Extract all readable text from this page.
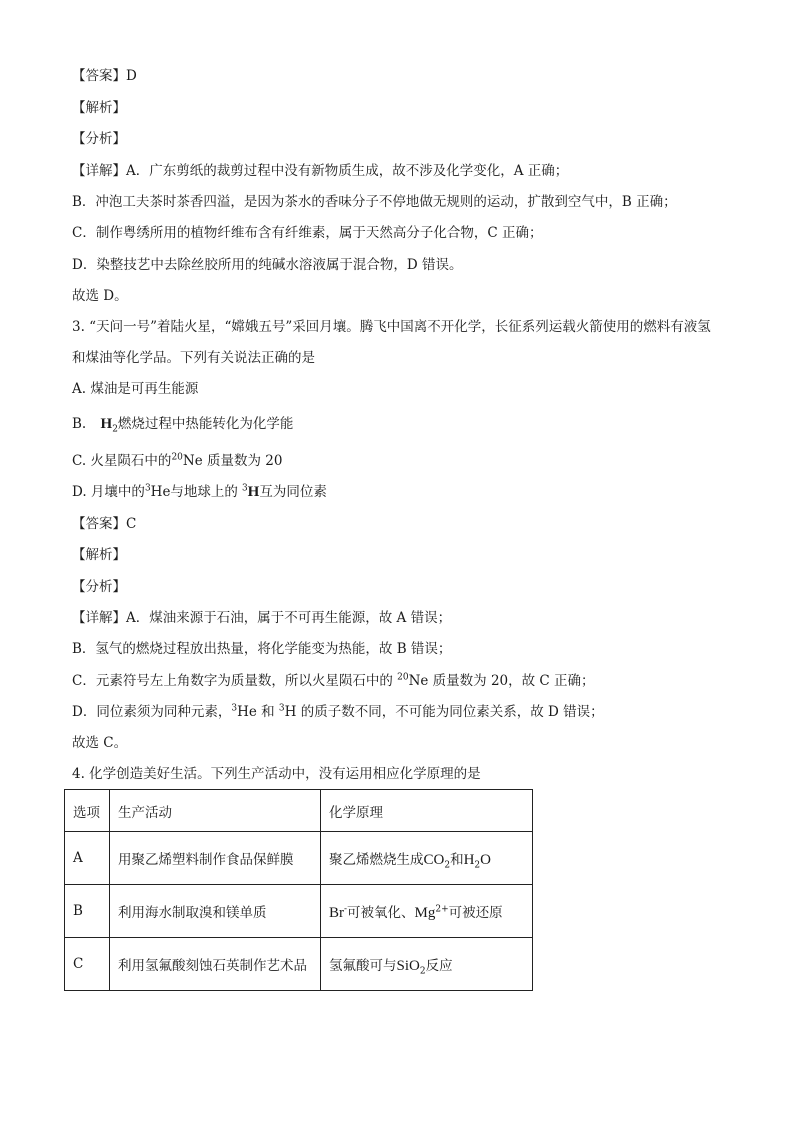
【答案】D
【解析】
【分析】
【详解】A．广东剪纸的裁剪过程中没有新物质生成，故不涉及化学变化，A 正确；
B．冲泡工夫茶时茶香四溢，是因为茶水的香味分子不停地做无规则的运动，扩散到空气中，B 正确；
C．制作粤绣所用的植物纤维布含有纤维素，属于天然高分子化合物，C 正确；
D．染整技艺中去除丝胶所用的纯碱水溶液属于混合物，D 错误。
故选 D。
3. “天问一号”着陆火星，“嫦娥五号”采回月壤。腾飞中国离不开化学，长征系列运载火箭使用的燃料有液氢
和煤油等化学品。下列有关说法正确的是
A. 煤油是可再生能源
B. $H_2$燃烧过程中热能转化为化学能
C. 火星陨石中的$^{20}$Ne 质量数为 20
D. 月壤中的$^3$He与地球上的 $^3$H互为同位素
【答案】C
【解析】
【分析】
【详解】A．煤油来源于石油，属于不可再生能源，故 A 错误；
B．氢气的燃烧过程放出热量，将化学能变为热能，故 B 错误；
C．元素符号左上角数字为质量数，所以火星陨石中的 $^{20}$Ne 质量数为 20，故 C 正确；
D．同位素须为同种元素，$^3$He 和 $^3$H 的质子数不同，不可能为同位素关系，故 D 错误；
故选 C。
4. 化学创造美好生活。下列生产活动中，没有运用相应化学原理的是
选项	生产活动	化学原理
A	用聚乙烯塑料制作食品保鲜膜	聚乙烯燃烧生成$CO_2$和$H_2O$
B	利用海水制取溴和镁单质	Br-可被氧化、$Mg^{2+}$可被还原
C	利用氢氟酸刻蚀石英制作艺术品	氢氟酸可与SiO$_2$反应
